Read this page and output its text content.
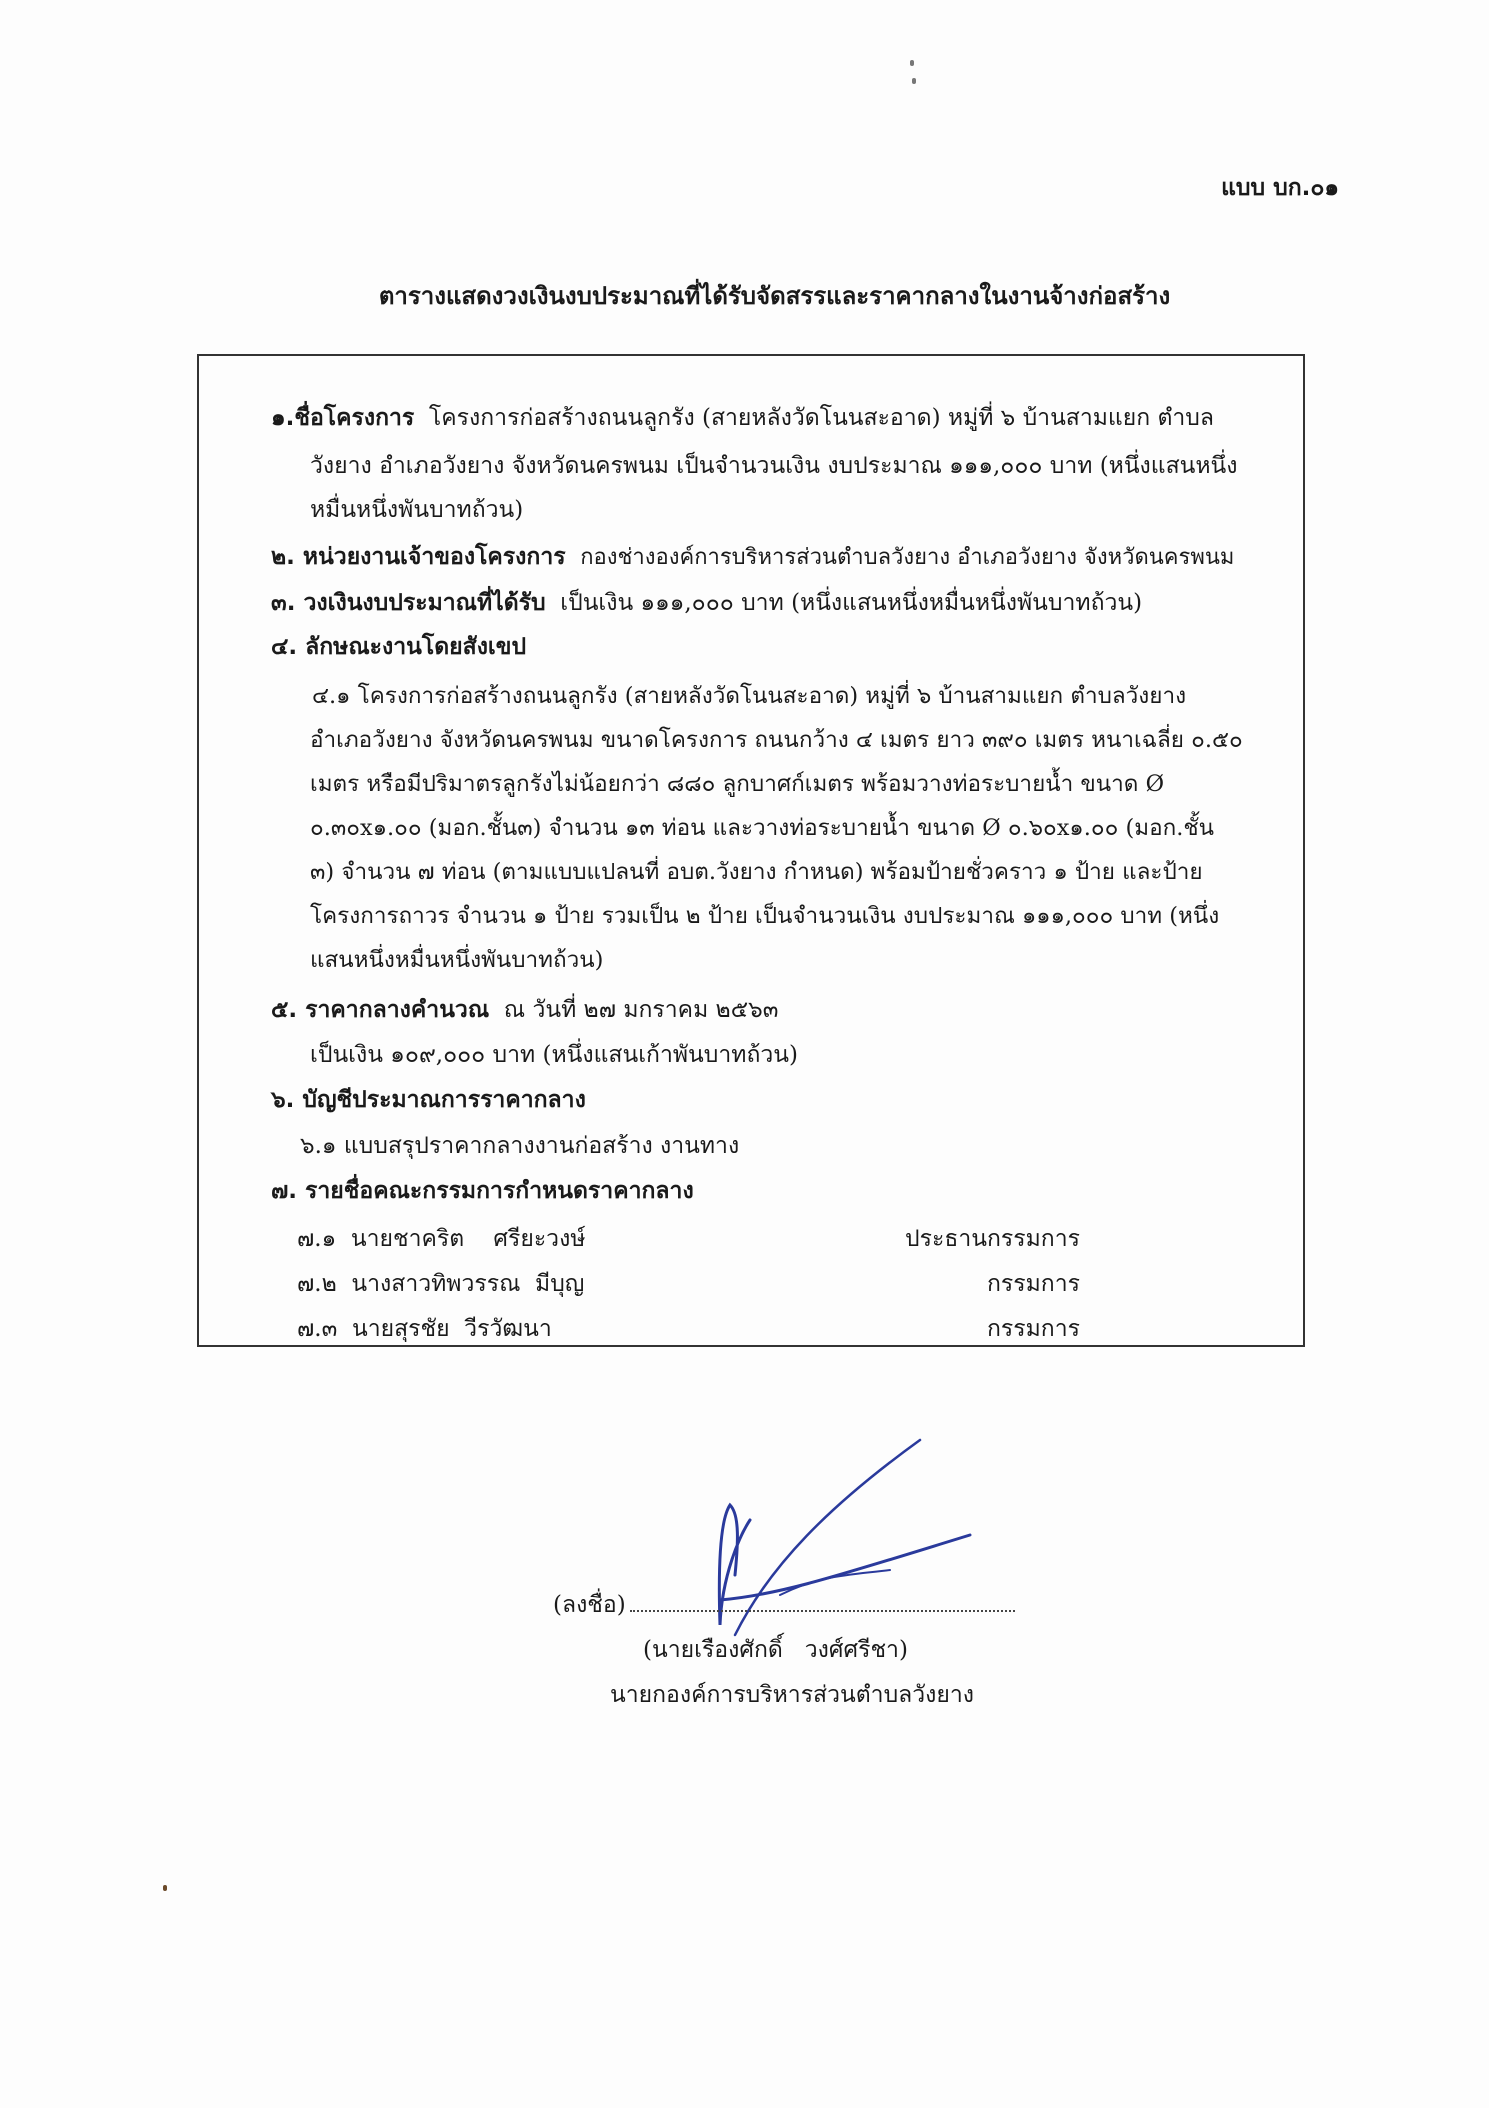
แบบ บก.๐๑
ตารางแสดงวงเงินงบประมาณที่ได้รับจัดสรรและราคากลางในงานจ้างก่อสร้าง
๑.ชื่อโครงการ โครงการก่อสร้างถนนลูกรัง (สายหลังวัดโนนสะอาด) หมู่ที่ ๖ บ้านสามแยก ตำบล
วังยาง อำเภอวังยาง จังหวัดนครพนม เป็นจำนวนเงิน งบประมาณ ๑๑๑,๐๐๐ บาท (หนึ่งแสนหนึ่ง
หมื่นหนึ่งพันบาทถ้วน)
๒. หน่วยงานเจ้าของโครงการ กองช่างองค์การบริหารส่วนตำบลวังยาง อำเภอวังยาง จังหวัดนครพนม
๓. วงเงินงบประมาณที่ได้รับ เป็นเงิน ๑๑๑,๐๐๐ บาท (หนึ่งแสนหนึ่งหมื่นหนึ่งพันบาทถ้วน)
๔. ลักษณะงานโดยสังเขป
๔.๑ โครงการก่อสร้างถนนลูกรัง (สายหลังวัดโนนสะอาด) หมู่ที่ ๖ บ้านสามแยก ตำบลวังยาง
อำเภอวังยาง จังหวัดนครพนม ขนาดโครงการ ถนนกว้าง ๔ เมตร ยาว ๓๙๐ เมตร หนาเฉลี่ย ๐.๕๐
เมตร หรือมีปริมาตรลูกรังไม่น้อยกว่า ๘๘๐ ลูกบาศก์เมตร พร้อมวางท่อระบายน้ำ ขนาด Ø
๐.๓๐x๑.๐๐ (มอก.ชั้น๓) จำนวน ๑๓ ท่อน และวางท่อระบายน้ำ ขนาด Ø ๐.๖๐x๑.๐๐ (มอก.ชั้น
๓) จำนวน ๗ ท่อน (ตามแบบแปลนที่ อบต.วังยาง กำหนด) พร้อมป้ายชั่วคราว ๑ ป้าย และป้าย
โครงการถาวร จำนวน ๑ ป้าย รวมเป็น ๒ ป้าย เป็นจำนวนเงิน งบประมาณ ๑๑๑,๐๐๐ บาท (หนึ่ง
แสนหนึ่งหมื่นหนึ่งพันบาทถ้วน)
๕. ราคากลางคำนวณ ณ วันที่ ๒๗ มกราคม ๒๕๖๓
เป็นเงิน ๑๐๙,๐๐๐ บาท (หนึ่งแสนเก้าพันบาทถ้วน)
๖. บัญชีประมาณการราคากลาง
๖.๑ แบบสรุปราคากลางงานก่อสร้าง งานทาง
๗. รายชื่อคณะกรรมการกำหนดราคากลาง
๗.๑ นายชาคริต    ศรียะวงษ์	ประธานกรรมการ
๗.๒ นางสาวทิพวรรณ  มีบุญ	กรรมการ
๗.๓ นายสุรชัย  วีรวัฒนา	กรรมการ
(ลงชื่อ)
(นายเรืองศักดิ์   วงศ์ศรีชา)
นายกองค์การบริหารส่วนตำบลวังยาง
